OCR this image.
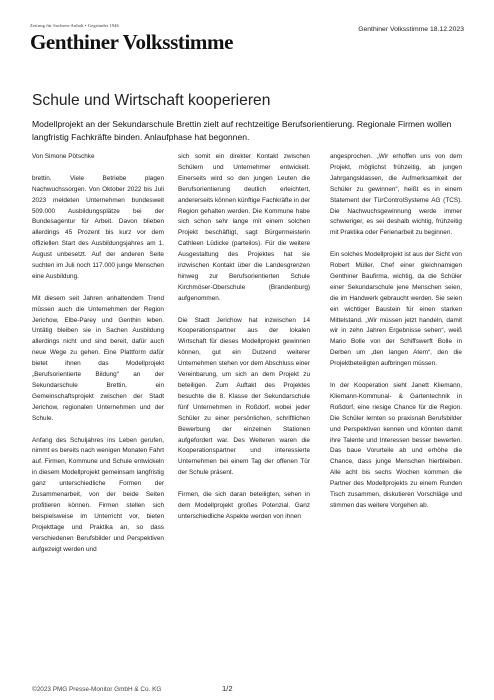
Zeitung für Sachsen-Anhalt • Gegründet 1946
Genthiner Volksstimme
Genthiner Volksstimme 18.12.2023
Schule und Wirtschaft kooperieren

Modellprojekt an der Sekundarschule Brettin zielt auf rechtzeitige Berufsorientierung. Regionale Firmen wollen langfristig Fachkräfte binden. Anlaufphase hat begonnen.

Von Simone Pötschke

brettin. Viele Betriebe plagen Nachwuchssorgen. Von Oktober 2022 bis Juli 2023 meldeten Unternehmen bundesweit 509.000 Ausbildungsplätze bei der Bundesagentur für Arbeit. Davon blieben allerdings 45 Prozent bis kurz vor dem offiziellen Start des Ausbildungsjahres am 1. August unbesetzt. Auf der anderen Seite suchten im Juli noch 117.000 junge Menschen eine Ausbildung.

Mit diesem seit Jahren anhaltendem Trend müssen auch die Unternehmen der Region Jerichow, Elbe-Parey und Genthin leben. Untätig bleiben sie in Sachen Ausbildung allerdings nicht und sind bereit, dafür auch neue Wege zu gehen. Eine Plattform dafür bietet ihnen das Modellprojekt „Berufsorientierte Bildung“ an der Sekundarschule Brettin, ein Gemeinschaftsprojekt zwischen der Stadt Jerichow, regionalen Unternehmen und der Schule.

Anfang des Schuljahres ins Leben gerufen, nimmt es bereits nach wenigen Monaten Fahrt auf. Firmen, Kommune und Schule entwickeln in diesem Modellprojekt gemeinsam langfristig ganz unterschiedliche Formen der Zusammenarbeit, von der beide Seiten profitieren können. Firmen stellen sich beispielsweise im Unterricht vor, bieten Projekttage und Praktika an, so dass verschiedenen Berufsbilder und Perspektiven aufgezeigt werden und

sich somit ein direkter Kontakt zwischen Schülern und Unternehmer entwickelt. Einerseits wird so den jungen Leuten die Berufsorientierung deutlich erleichtert, andererseits können künftige Fachkräfte in der Region gehalten werden. Die Kommune habe sich schon sehr lange mit einem solchen Projekt beschäftigt, sagt Bürgermeisterin Cathleen Lüdicke (parteilos). Für die weitere Ausgestaltung des Projektes hat sie inzwischen Kontakt über die Landesgrenzen hinweg zur Berufsorientierten Schule Kirchmöser-Oberschule (Brandenburg) aufgenommen.

Die Stadt Jerichow hat inzwischen 14 Kooperationspartner aus der lokalen Wirtschaft für dieses Modellprojekt gewinnen können, gut ein Dutzend weiterer Unternehmen stehen vor dem Abschluss einer Vereinbarung, um sich an dem Projekt zu beteiligen. Zum Auftakt des Projektes besuchte die 8. Klasse der Sekundarschule fünf Unternehmen in Roßdorf, wobei jeder Schüler zu einer persönlichen, schriftlichen Bewerbung der einzelnen Stationen aufgefordert war. Des Weiteren waren die Kooperationspartner und interessierte Unternehmen bei einem Tag der offenen Tür der Schule präsent.

Firmen, die sich daran beteiligten, sehen in dem Modellprojekt großes Potenzial. Ganz unterschiedliche Aspekte werden von ihnen

angesprochen. „Wir erhoffen uns von dem Projekt, möglichst frühzeitig, ab jungen Jahrgangsklassen, die Aufmerksamkeit der Schüler zu gewinnen“, heißt es in einem Statement der TürControlSysteme AG (TCS). Die Nachwuchsgewinnung werde immer schwieriger, es sei deshalb wichtig, frühzeitig mit Praktika oder Ferienarbeit zu beginnen.

Ein solches Modellprojekt ist aus der Sicht von Robert Müller, Chef einer gleichnamigen Genthiner Baufirma, wichtig, da die Schüler einer Sekundarschule jene Menschen seien, die im Handwerk gebraucht werden. Sie seien ein wichtiger Baustein für einen starken Mittelstand. „Wir müssen jetzt handeln, damit wir in zehn Jahren Ergebnisse sehen“, weiß Mario Bolle von der Schiffswerft Bolle in Derben um „den langen Atem“, den die Projektbeteiligten aufbringen müssen.

In der Kooperation sieht Janett Kliemann, Kliemann-Kommunal- & Gartentechnik in Roßdorf, eine riesige Chance für die Region. Die Schüler lernten so praxisnah Berufsbilder und Perspektiven kennen und könnten damit ihre Talente und Interessen besser bewerten. Das baue Vorurteile ab und erhöhe die Chance, dass junge Menschen hierbleiben. Alle acht bis sechs Wochen kommen die Partner des Modellprojekts zu einem Runden Tisch zusammen, diskutieren Vorschläge und stimmen das weitere Vorgehen ab.

©2023 PMG Presse-Monitor GmbH & Co. KG	1/2
